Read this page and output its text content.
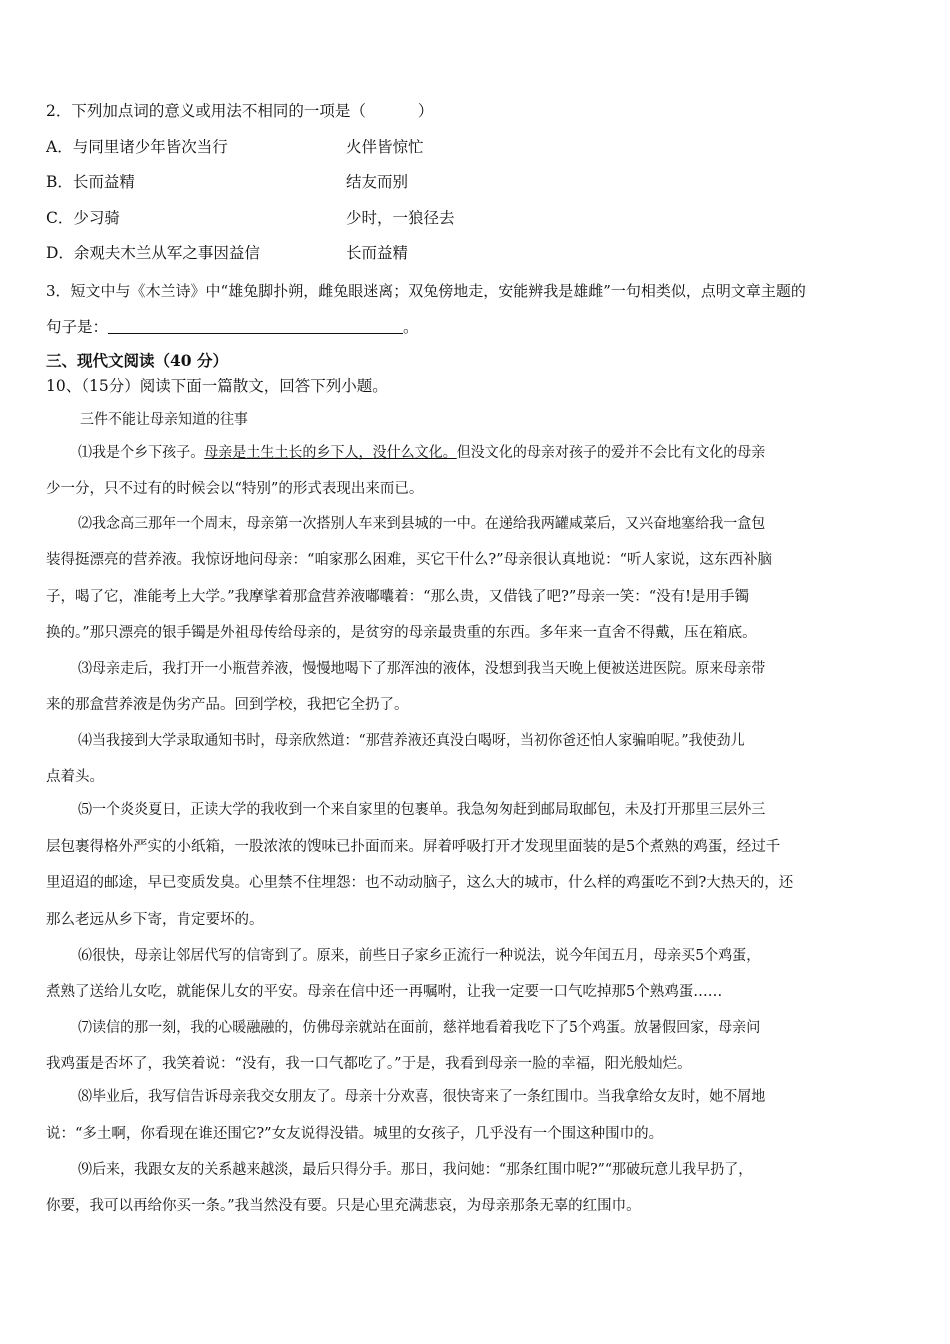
2．下列加点词的意义或用法不相同的一项是（	）
A．与同里诸少年皆次当行	火伴皆惊忙
B．长而益精	结友而别
C．少习骑	少时，一狼径去
D．余观夫木兰从军之事因益信	长而益精
3．短文中与《木兰诗》中“雄兔脚扑朔，雌兔眼迷离；双兔傍地走，安能辨我是雄雌”一句相类似，点明文章主题的
句子是：	。
三、现代文阅读（40 分）
10、（15分）阅读下面一篇散文，回答下列小题。
三件不能让母亲知道的往事
⑴我是个乡下孩子。母亲是土生土长的乡下人，没什么文化。但没文化的母亲对孩子的爱并不会比有文化的母亲
少一分，只不过有的时候会以“特别”的形式表现出来而已。
⑵我念高三那年一个周末，母亲第一次搭别人车来到县城的一中。在递给我两罐咸菜后，又兴奋地塞给我一盒包
装得挺漂亮的营养液。我惊讶地问母亲：“咱家那么困难，买它干什么?”母亲很认真地说：“听人家说，这东西补脑
子，喝了它，准能考上大学。”我摩挲着那盒营养液嘟囔着：“那么贵，又借钱了吧?”母亲一笑：“没有!是用手镯
换的。”那只漂亮的银手镯是外祖母传给母亲的，是贫穷的母亲最贵重的东西。多年来一直舍不得戴，压在箱底。
⑶母亲走后，我打开一小瓶营养液，慢慢地喝下了那浑浊的液体，没想到我当天晚上便被送进医院。原来母亲带
来的那盒营养液是伪劣产品。回到学校，我把它全扔了。
⑷当我接到大学录取通知书时，母亲欣然道：“那营养液还真没白喝呀，当初你爸还怕人家骗咱呢。”我使劲儿
点着头。
⑸一个炎炎夏日，正读大学的我收到一个来自家里的包裹单。我急匆匆赶到邮局取邮包，未及打开那里三层外三
层包裹得格外严实的小纸箱，一股浓浓的馊味已扑面而来。屏着呼吸打开才发现里面装的是5个煮熟的鸡蛋，经过千
里迢迢的邮途，早已变质发臭。心里禁不住埋怨：也不动动脑子，这么大的城市，什么样的鸡蛋吃不到?大热天的，还
那么老远从乡下寄，肯定要坏的。
⑹很快，母亲让邻居代写的信寄到了。原来，前些日子家乡正流行一种说法，说今年闰五月，母亲买5个鸡蛋，
煮熟了送给儿女吃，就能保儿女的平安。母亲在信中还一再嘱咐，让我一定要一口气吃掉那5个熟鸡蛋……
⑺读信的那一刻，我的心暖融融的，仿佛母亲就站在面前，慈祥地看着我吃下了5个鸡蛋。放暑假回家，母亲问
我鸡蛋是否坏了，我笑着说：“没有，我一口气都吃了。”于是，我看到母亲一脸的幸福，阳光般灿烂。
⑻毕业后，我写信告诉母亲我交女朋友了。母亲十分欢喜，很快寄来了一条红围巾。当我拿给女友时，她不屑地
说：“多土啊，你看现在谁还围它?”女友说得没错。城里的女孩子，几乎没有一个围这种围巾的。
⑼后来，我跟女友的关系越来越淡，最后只得分手。那日，我问她：“那条红围巾呢?”“那破玩意儿我早扔了，
你要，我可以再给你买一条。”我当然没有要。只是心里充满悲哀，为母亲那条无辜的红围巾。
